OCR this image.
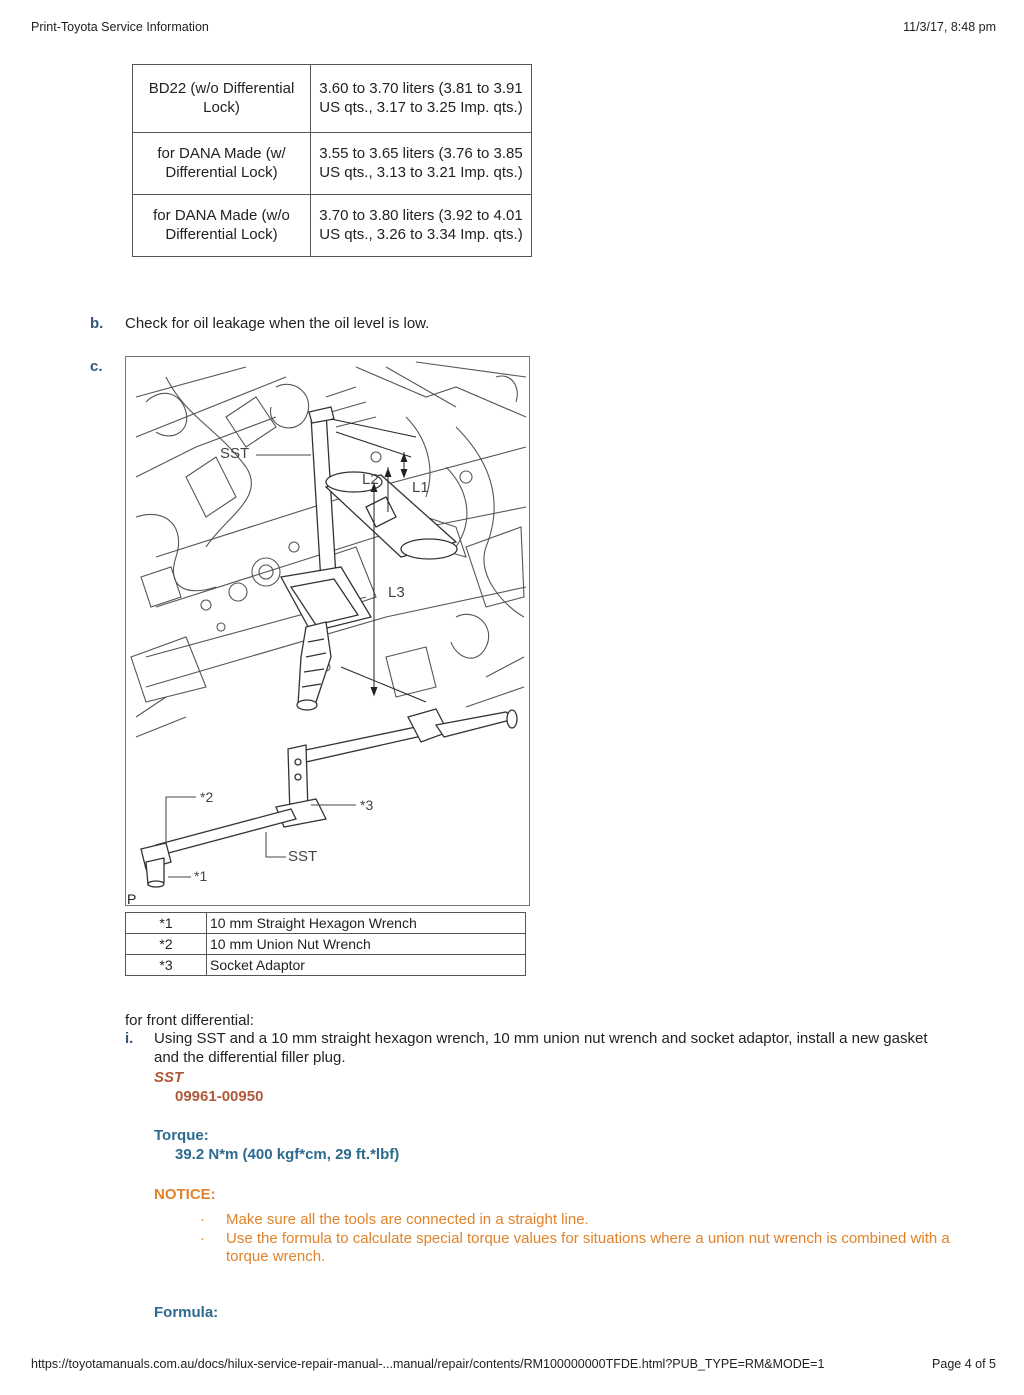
Print-Toyota Service Information	11/3/17, 8:48 pm
BD22 (w/o Differential Lock)	3.60 to 3.70 liters (3.81 to 3.91 US qts., 3.17 to 3.25 Imp. qts.)
for DANA Made (w/ Differential Lock)	3.55 to 3.65 liters (3.76 to 3.85 US qts., 3.13 to 3.21 Imp. qts.)
for DANA Made (w/o Differential Lock)	3.70 to 3.80 liters (3.92 to 4.01 US qts., 3.26 to 3.34 Imp. qts.)
b. Check for oil leakage when the oil level is low.
c.
SST
L2 L1
L3
*2	*3
SST
*1
P
*1	10 mm Straight Hexagon Wrench
*2	10 mm Union Nut Wrench
*3	Socket Adaptor
for front differential:
i. Using SST and a 10 mm straight hexagon wrench, 10 mm union nut wrench and socket adaptor, install a new gasket and the differential filler plug.
SST
09961-00950
Torque:
39.2 N*m (400 kgf*cm, 29 ft.*lbf)
NOTICE:
· Make sure all the tools are connected in a straight line.
· Use the formula to calculate special torque values for situations where a union nut wrench is combined with a torque wrench.
Formula:
https://toyotamanuals.com.au/docs/hilux-service-repair-manual-...manual/repair/contents/RM100000000TFDE.html?PUB_TYPE=RM&MODE=1	Page 4 of 5
